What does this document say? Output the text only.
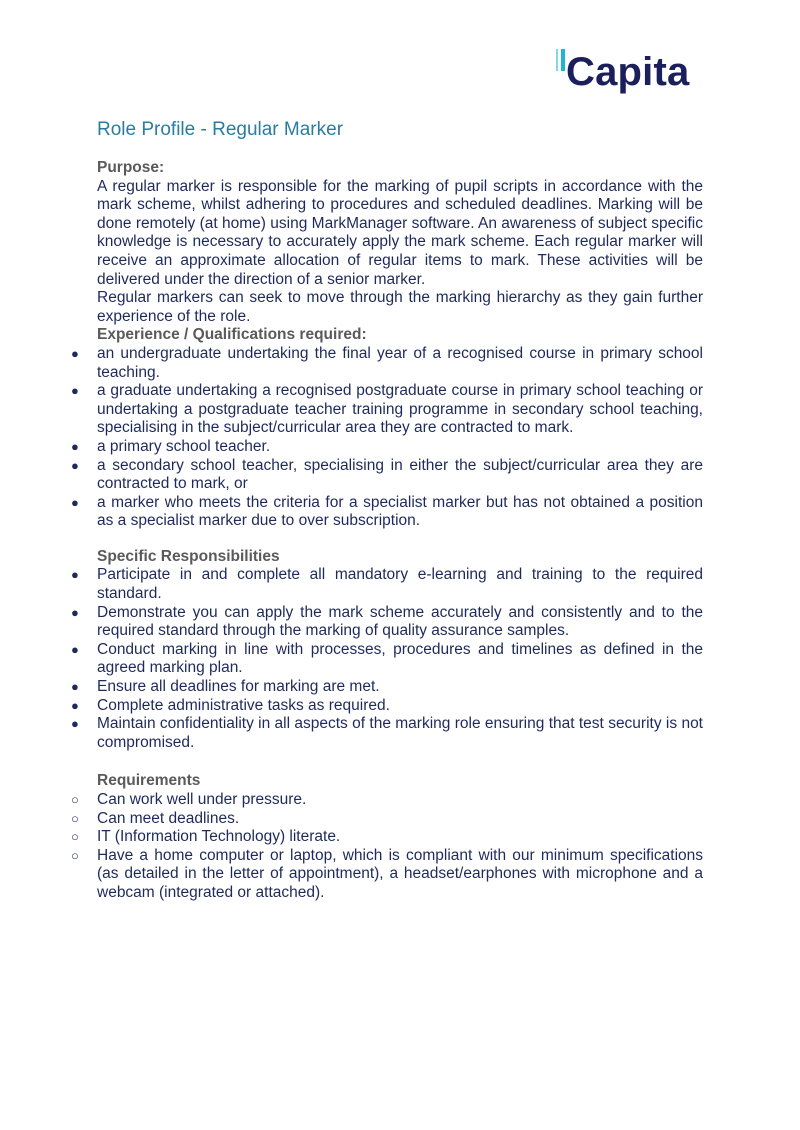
Capita
Role Profile - Regular Marker

Purpose:

A regular marker is responsible for the marking of pupil scripts in accordance with the mark scheme, whilst adhering to procedures and scheduled deadlines. Marking will be done remotely (at home) using MarkManager software. An awareness of subject specific knowledge is necessary to accurately apply the mark scheme. Each regular marker will receive an approximate allocation of regular items to mark. These activities will be delivered under the direction of a senior marker.

Regular markers can seek to move through the marking hierarchy as they gain further experience of the role.

Experience / Qualifications required:

● an undergraduate undertaking the final year of a recognised course in primary school teaching.
● a graduate undertaking a recognised postgraduate course in primary school teaching or undertaking a postgraduate teacher training programme in secondary school teaching, specialising in the subject/curricular area they are contracted to mark.
● a primary school teacher.
● a secondary school teacher, specialising in either the subject/curricular area they are contracted to mark, or
● a marker who meets the criteria for a specialist marker but has not obtained a position as a specialist marker due to over subscription.

Specific Responsibilities

● Participate in and complete all mandatory e-learning and training to the required standard.
● Demonstrate you can apply the mark scheme accurately and consistently and to the required standard through the marking of quality assurance samples.
● Conduct marking in line with processes, procedures and timelines as defined in the agreed marking plan.
● Ensure all deadlines for marking are met.
● Complete administrative tasks as required.
● Maintain confidentiality in all aspects of the marking role ensuring that test security is not compromised.

Requirements

○ Can work well under pressure.
○ Can meet deadlines.
○ IT (Information Technology) literate.
○ Have a home computer or laptop, which is compliant with our minimum specifications (as detailed in the letter of appointment), a headset/earphones with microphone and a webcam (integrated or attached).
